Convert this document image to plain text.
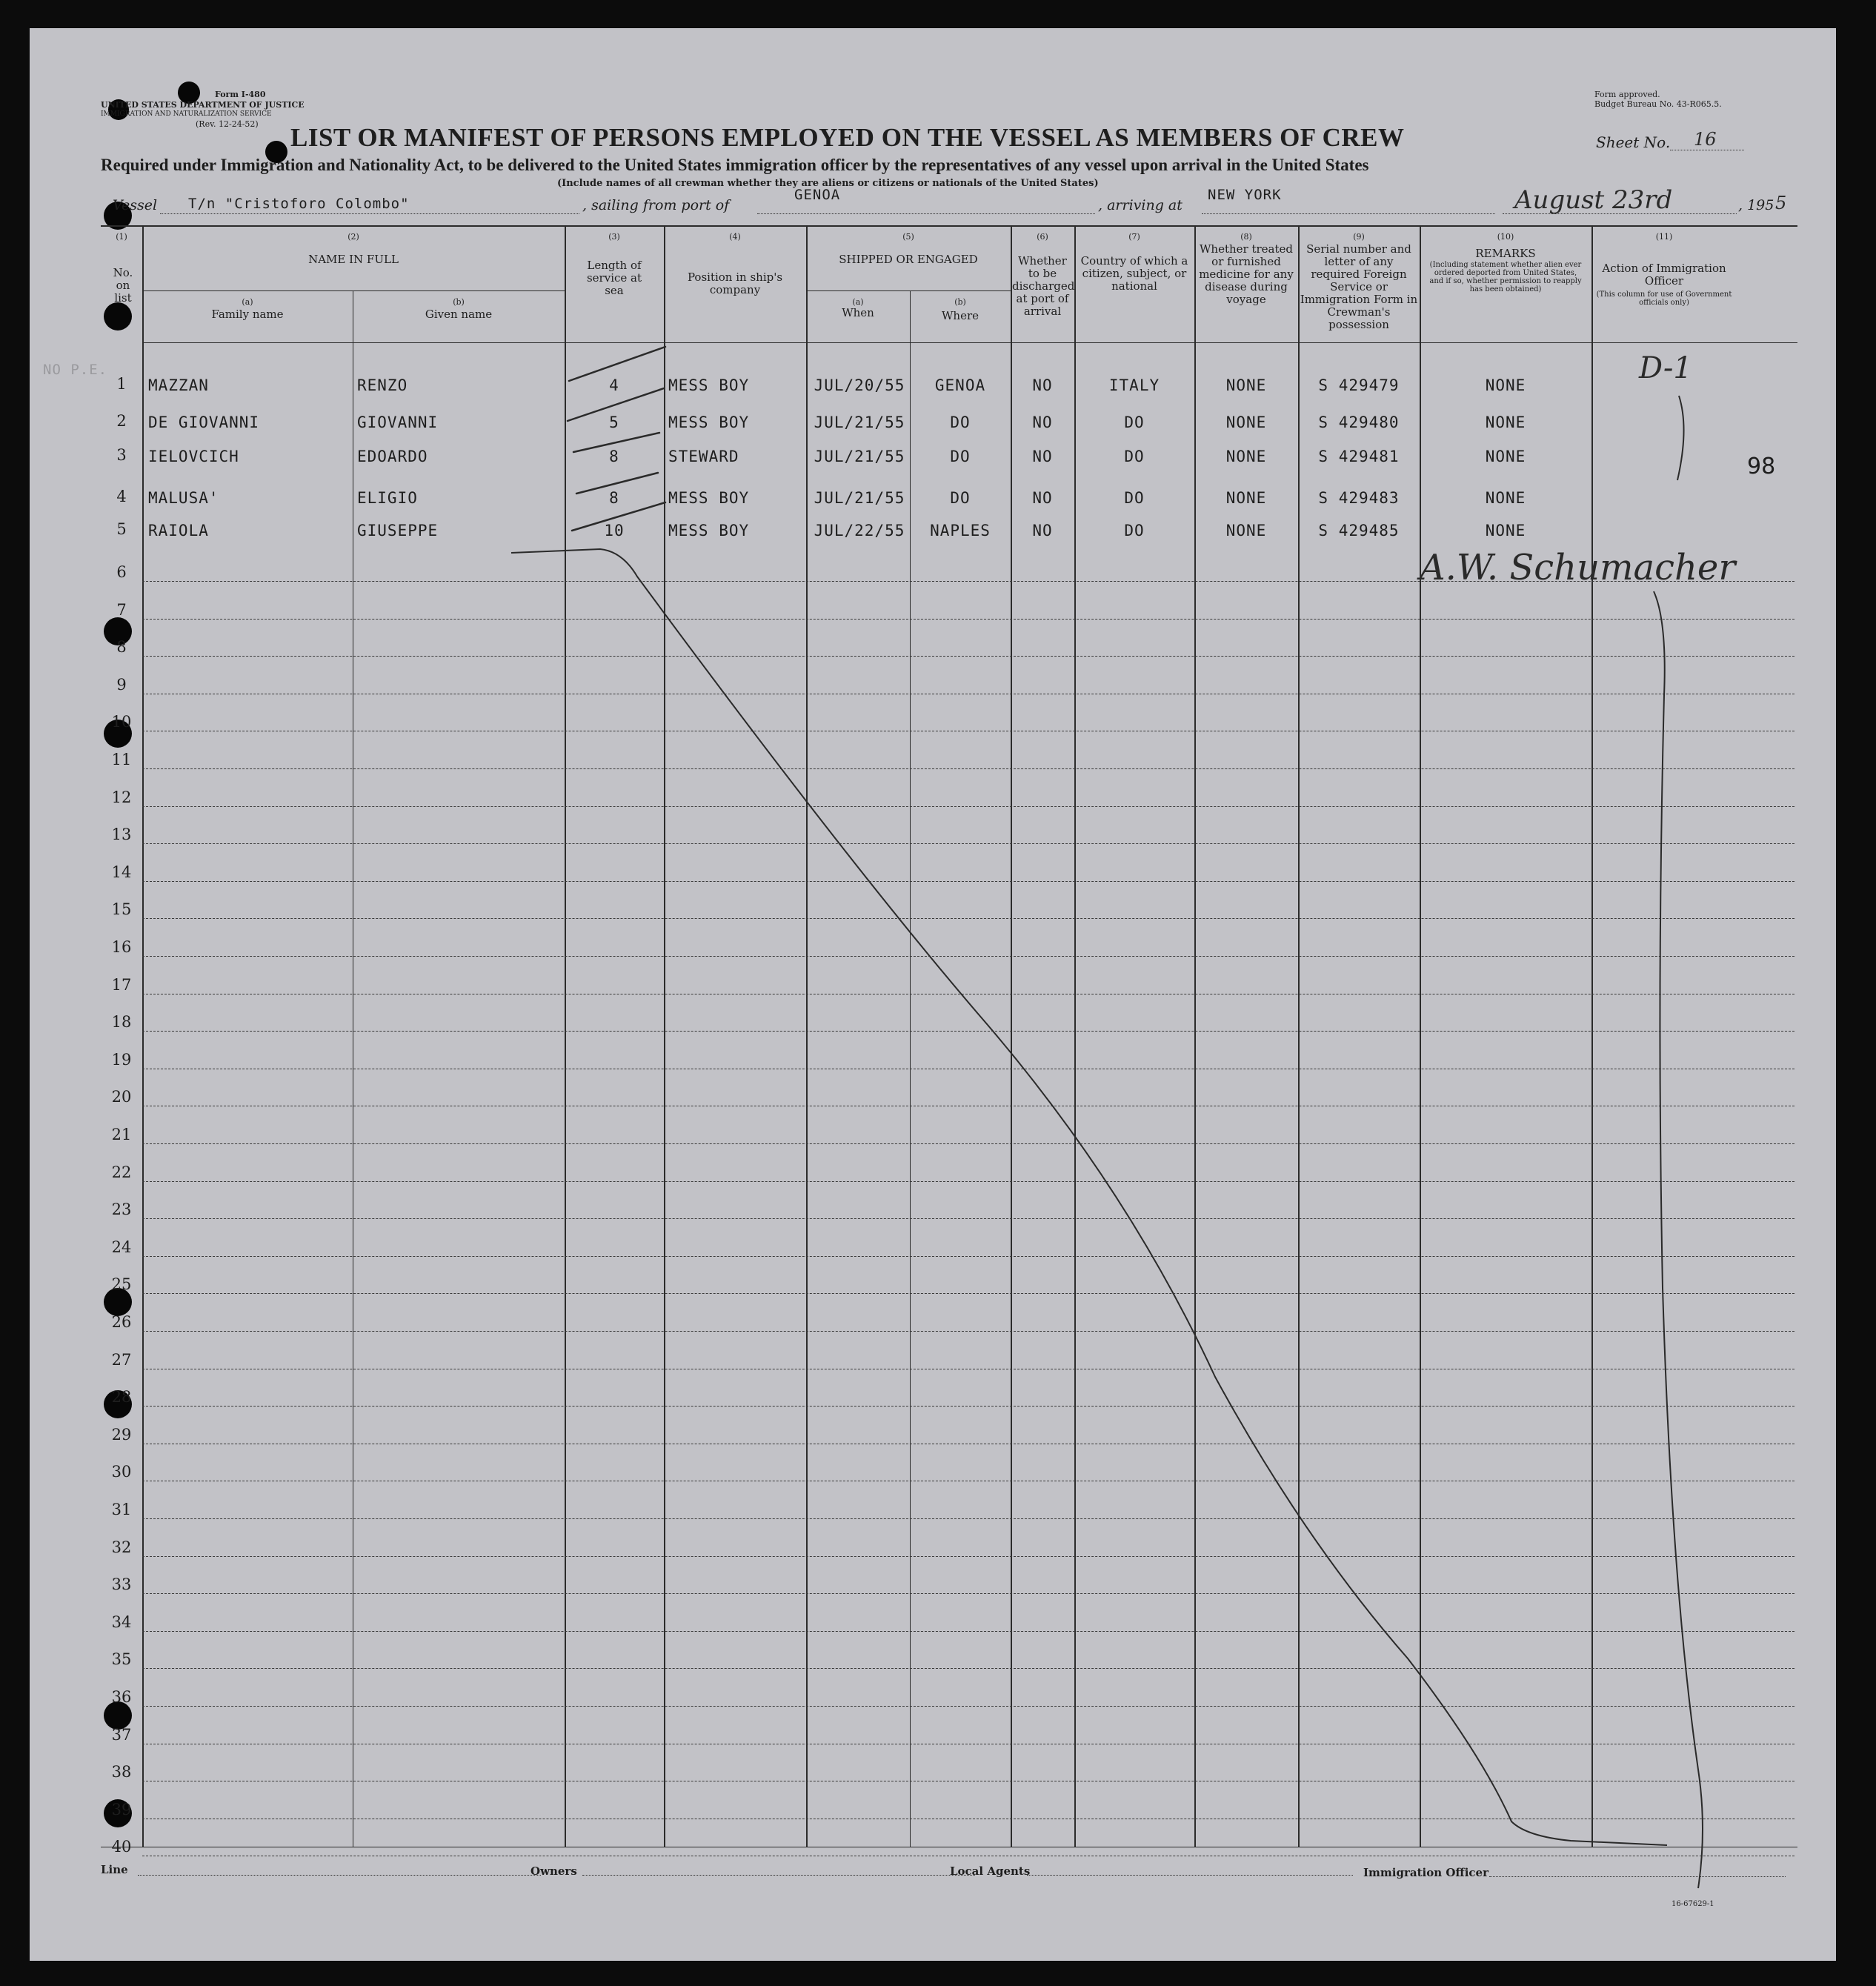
Form I-480
UNITED STATES DEPARTMENT OF JUSTICE
IMMIGRATION AND NATURALIZATION SERVICE
(Rev. 12-24-52)
Form approved.
Budget Bureau No. 43-R065.5.
LIST OR MANIFEST OF PERSONS EMPLOYED ON THE VESSEL AS MEMBERS OF CREW	Sheet No. 16
Required under Immigration and Nationality Act, to be delivered to the United States immigration officer by the representatives of any vessel upon arrival in the United States
(Include names of all crewman whether they are aliens or citizens or nationals of the United States)
Vessel T/n "Cristoforo Colombo"	, sailing from port of
GENOA
, arriving at
NEW YORK	August 23rd	, 195 5
(1)
No. on list
(2)
NAME IN FULL
(a)
Family name
(b)
Given name
(3)
Length of service at sea
(4)
Position in ship's company
(5)
SHIPPED OR ENGAGED
(a)
When
(b)
Where
(6)
Whether to be discharged at port of arrival
(7)
Country of which a citizen, subject, or national
(8)
Whether treated or furnished medicine for any disease during voyage
(9)
Serial number and letter of any required Foreign Service or Immigration Form in Crewman's possession
(10)
REMARKS
(Including statement whether alien ever ordered deported from United States, and if so, whether permission to reapply has been obtained)
(11)
Action of Immigration Officer
(This column for use of Government officials only)
NO P.E.
1	MAZZAN	RENZO	4	MESS BOY	JUL/20/55	GENOA	NO	ITALY	NONE	S 429479	NONE
2	DE GIOVANNI	GIOVANNI	5	MESS BOY	JUL/21/55	DO	NO	DO	NONE	S 429480	NONE
3	IELOVCICH	EDOARDO	8	STEWARD	JUL/21/55	DO	NO	DO	NONE	S 429481	NONE
4	MALUSA'	ELIGIO	8	MESS BOY	JUL/21/55	DO	NO	DO	NONE	S 429483	NONE
5	RAIOLA	GIUSEPPE	10	MESS BOY	JUL/22/55	NAPLES	NO	DO	NONE	S 429485	NONE
6
7
8
9
10
11
12
13
14
15
16
17
18
19
20
21
22
23
24
25
26
27
28
29
30
31
32
33
34
35
36
37
38
39
40
D-1
98
A.W. Schumacher
Line	Owners	Local Agents	Immigration Officer
16-67629-1
